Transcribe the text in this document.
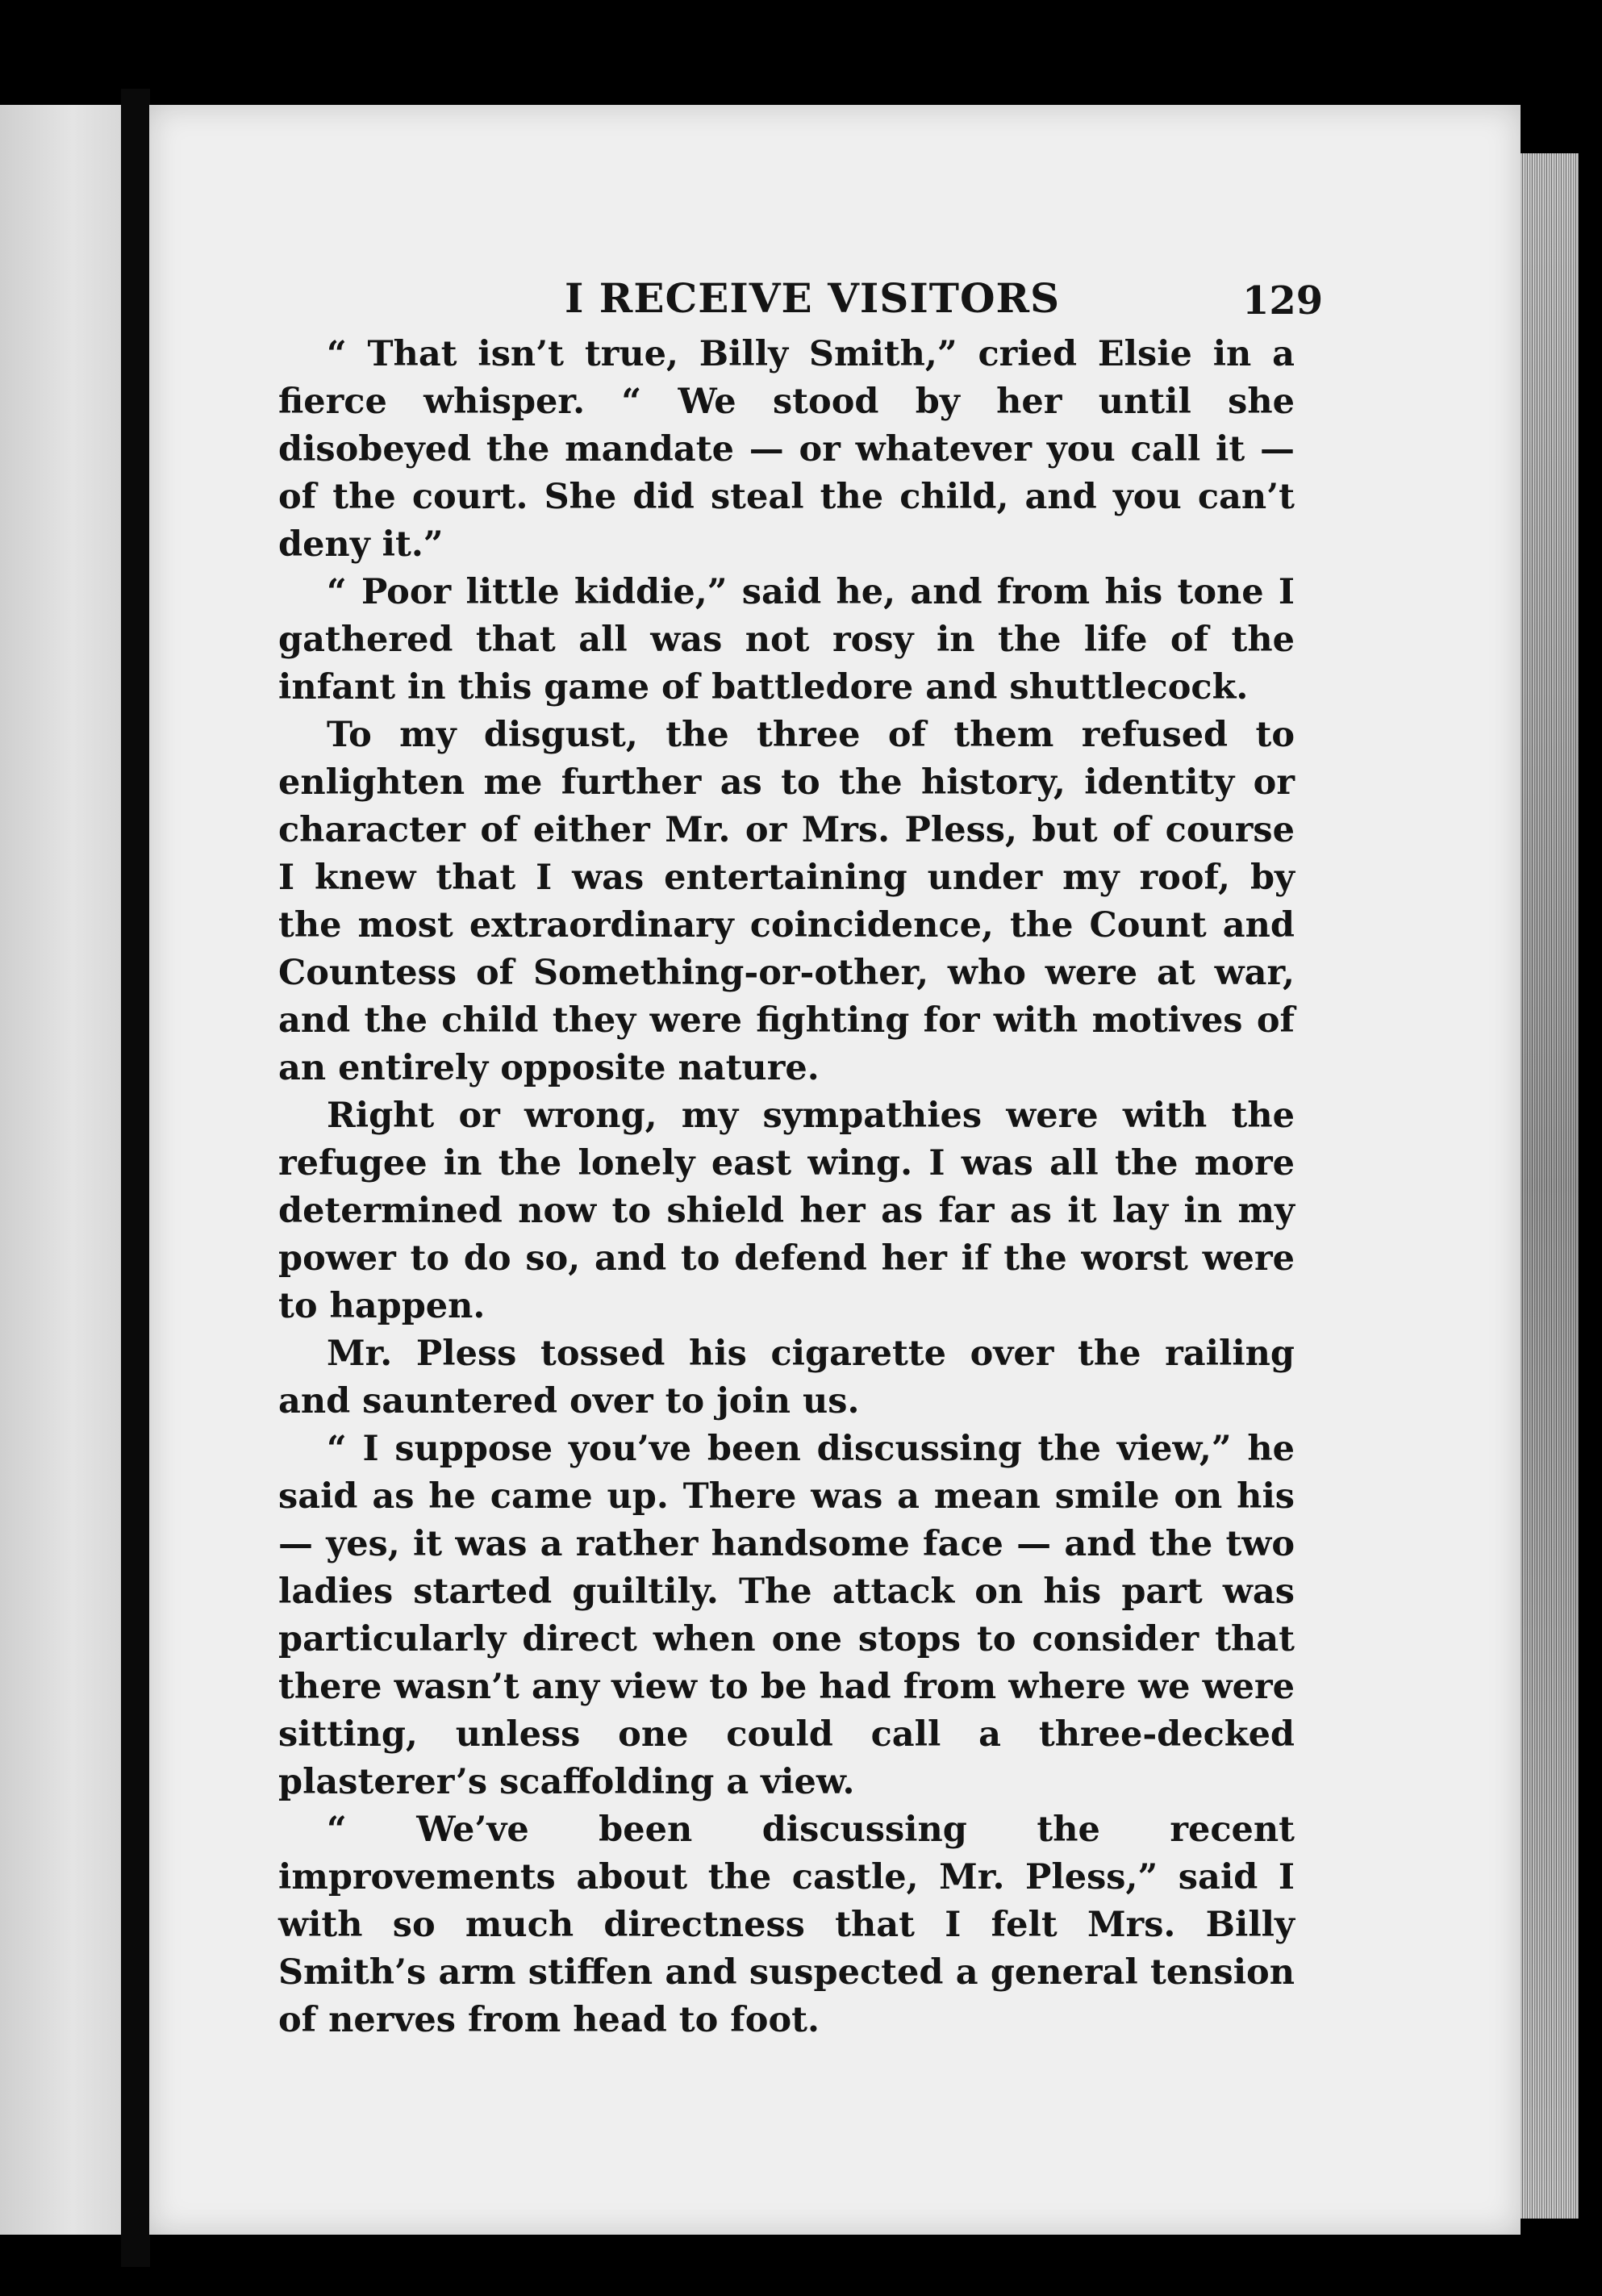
I RECEIVE VISITORS	129

“ That isn’t true, Billy Smith,” cried Elsie in a fierce whisper. “ We stood by her until she disobeyed the mandate — or whatever you call it — of the court. She did steal the child, and you can’t deny it.”

“ Poor little kiddie,” said he, and from his tone I gathered that all was not rosy in the life of the infant in this game of battledore and shuttlecock.

To my disgust, the three of them refused to enlighten me further as to the history, identity or character of either Mr. or Mrs. Pless, but of course I knew that I was entertaining under my roof, by the most extraordinary coincidence, the Count and Countess of Something-or-other, who were at war, and the child they were fighting for with motives of an entirely opposite nature.

Right or wrong, my sympathies were with the refugee in the lonely east wing. I was all the more determined now to shield her as far as it lay in my power to do so, and to defend her if the worst were to happen.

Mr. Pless tossed his cigarette over the railing and sauntered over to join us.

“ I suppose you’ve been discussing the view,” he said as he came up. There was a mean smile on his — yes, it was a rather handsome face — and the two ladies started guiltily. The attack on his part was particularly direct when one stops to consider that there wasn’t any view to be had from where we were sitting, unless one could call a three-decked plasterer’s scaffolding a view.

“ We’ve been discussing the recent improvements about the castle, Mr. Pless,” said I with so much directness that I felt Mrs. Billy Smith’s arm stiffen and suspected a general tension of nerves from head to foot.
